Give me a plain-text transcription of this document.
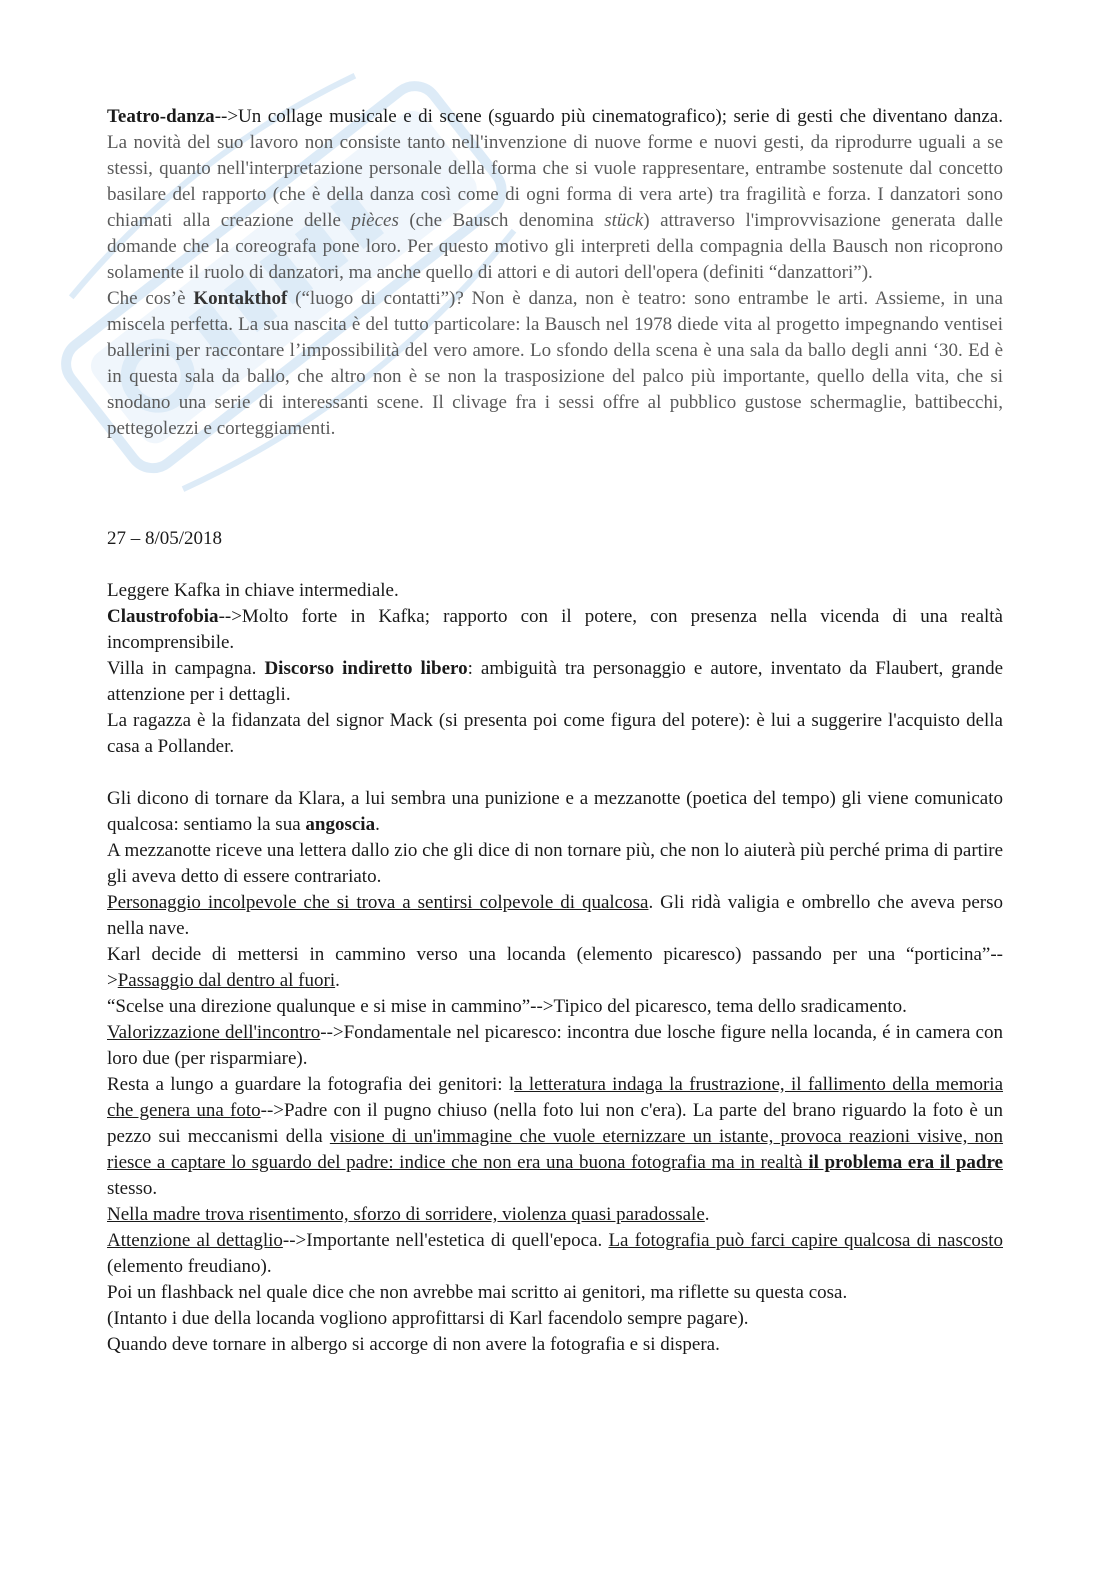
Teatro-danza-->Un collage musicale e di scene (sguardo più cinematografico); serie di gesti che diventano danza. La novità del suo lavoro non consiste tanto nell'invenzione di nuove forme e nuovi gesti, da riprodurre uguali a se stessi, quanto nell'interpretazione personale della forma che si vuole rappresentare, entrambe sostenute dal concetto basilare del rapporto (che è della danza così come di ogni forma di vera arte) tra fragilità e forza. I danzatori sono chiamati alla creazione delle pièces (che Bausch denomina stück) attraverso l'improvvisazione generata dalle domande che la coreografa pone loro. Per questo motivo gli interpreti della compagnia della Bausch non ricoprono solamente il ruolo di danzatori, ma anche quello di attori e di autori dell'opera (definiti “danzattori”).

Che cos’è Kontakthof (“luogo di contatti”)? Non è danza, non è teatro: sono entrambe le arti. Assieme, in una miscela perfetta. La sua nascita è del tutto particolare: la Bausch nel 1978 diede vita al progetto impegnando ventisei ballerini per raccontare l’impossibilità del vero amore. Lo sfondo della scena è una sala da ballo degli anni ‘30. Ed è in questa sala da ballo, che altro non è se non la trasposizione del palco più importante, quello della vita, che si snodano una serie di interessanti scene. Il clivage fra i sessi offre al pubblico gustose schermaglie, battibecchi, pettegolezzi e corteggiamenti.

27 – 8/05/2018

Leggere Kafka in chiave intermediale.

Claustrofobia-->Molto forte in Kafka; rapporto con il potere, con presenza nella vicenda di una realtà incomprensibile.

Villa in campagna. Discorso indiretto libero: ambiguità tra personaggio e autore, inventato da Flaubert, grande attenzione per i dettagli.

La ragazza è la fidanzata del signor Mack (si presenta poi come figura del potere): è lui a suggerire l'acquisto della casa a Pollander.

Gli dicono di tornare da Klara, a lui sembra una punizione e a mezzanotte (poetica del tempo) gli viene comunicato qualcosa: sentiamo la sua angoscia.

A mezzanotte riceve una lettera dallo zio che gli dice di non tornare più, che non lo aiuterà più perché prima di partire gli aveva detto di essere contrariato.

Personaggio incolpevole che si trova a sentirsi colpevole di qualcosa. Gli ridà valigia e ombrello che aveva perso nella nave.

Karl decide di mettersi in cammino verso una locanda (elemento picaresco) passando per una “porticina”-->Passaggio dal dentro al fuori.

“Scelse una direzione qualunque e si mise in cammino”-->Tipico del picaresco, tema dello sradicamento.

Valorizzazione dell'incontro-->Fondamentale nel picaresco: incontra due losche figure nella locanda, é in camera con loro due (per risparmiare).

Resta a lungo a guardare la fotografia dei genitori: la letteratura indaga la frustrazione, il fallimento della memoria che genera una foto-->Padre con il pugno chiuso (nella foto lui non c'era). La parte del brano riguardo la foto è un pezzo sui meccanismi della visione di un'immagine che vuole eternizzare un istante, provoca reazioni visive, non riesce a captare lo sguardo del padre: indice che non era una buona fotografia ma in realtà il problema era il padre stesso.

Nella madre trova risentimento, sforzo di sorridere, violenza quasi paradossale.

Attenzione al dettaglio-->Importante nell'estetica di quell'epoca. La fotografia può farci capire qualcosa di nascosto (elemento freudiano).

Poi un flashback nel quale dice che non avrebbe mai scritto ai genitori, ma riflette su questa cosa.

(Intanto i due della locanda vogliono approfittarsi di Karl facendolo sempre pagare).

Quando deve tornare in albergo si accorge di non avere la fotografia e si dispera.
